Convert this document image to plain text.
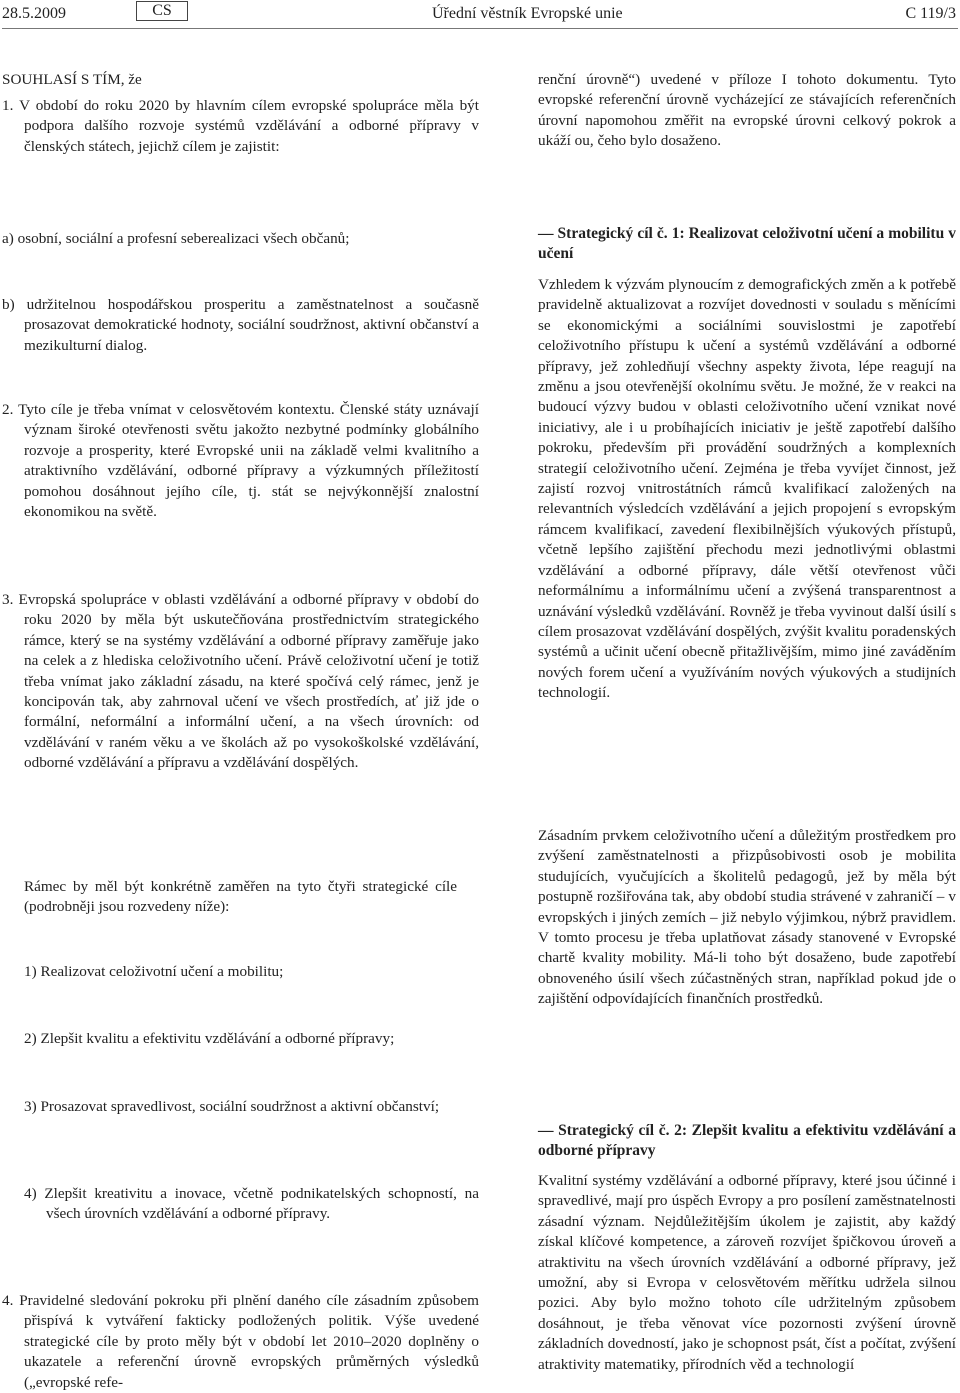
28.5.2009	CS	Úřední věstník Evropské unie	C 119/3

SOUHLASÍ S TÍM, že

1. V období do roku 2020 by hlavním cílem evropské spolupráce měla být podpora dalšího rozvoje systémů vzdělávání a odborné přípravy v členských státech, jejichž cílem je zajistit:

a) osobní, sociální a profesní seberealizaci všech občanů;

b) udržitelnou hospodářskou prosperitu a zaměstnatelnost a současně prosazovat demokratické hodnoty, sociální soudržnost, aktivní občanství a mezikulturní dialog.

2. Tyto cíle je třeba vnímat v celosvětovém kontextu. Členské státy uznávají význam široké otevřenosti světu jakožto nezbytné podmínky globálního rozvoje a prosperity, které Evropské unii na základě velmi kvalitního a atraktivního vzdělávání, odborné přípravy a výzkumných příležitostí pomohou dosáhnout jejího cíle, tj. stát se nejvýkonnější znalostní ekonomikou na světě.

3. Evropská spolupráce v oblasti vzdělávání a odborné přípravy v období do roku 2020 by měla být uskutečňována prostřednictvím strategického rámce, který se na systémy vzdělávání a odborné přípravy zaměřuje jako na celek a z hlediska celoživotního učení. Právě celoživotní učení je totiž třeba vnímat jako základní zásadu, na které spočívá celý rámec, jenž je koncipován tak, aby zahrnoval učení ve všech prostředích, ať již jde o formální, neformální a informální učení, a na všech úrovních: od vzdělávání v raném věku a ve školách až po vysokoškolské vzdělávání, odborné vzdělávání a přípravu a vzdělávání dospělých.

Rámec by měl být konkrétně zaměřen na tyto čtyři strategické cíle (podrobněji jsou rozvedeny níže):

1) Realizovat celoživotní učení a mobilitu;

2) Zlepšit kvalitu a efektivitu vzdělávání a odborné přípravy;

3) Prosazovat spravedlivost, sociální soudržnost a aktivní občanství;

4) Zlepšit kreativitu a inovace, včetně podnikatelských schopností, na všech úrovních vzdělávání a odborné přípravy.

4. Pravidelné sledování pokroku při plnění daného cíle zásadním způsobem přispívá k vytváření fakticky podložených politik. Výše uvedené strategické cíle by proto měly být v období let 2010–2020 doplněny o ukazatele a referenční úrovně evropských průměrných výsledků („evropské refe-

renční úrovně“) uvedené v příloze I tohoto dokumentu. Tyto evropské referenční úrovně vycházející ze stávajících referenčních úrovní napomohou změřit na evropské úrovni celkový pokrok a ukáží ou, čeho bylo dosaženo.

— Strategický cíl č. 1: Realizovat celoživotní učení a mobilitu v učení

Vzhledem k výzvám plynoucím z demografických změn a k potřebě pravidelně aktualizovat a rozvíjet dovednosti v souladu s měnícími se ekonomickými a sociálními souvislostmi je zapotřebí celoživotního přístupu k učení a systémů vzdělávání a odborné přípravy, jež zohledňují všechny aspekty života, lépe reagují na změnu a jsou otevřenější okolnímu světu. Je možné, že v reakci na budoucí výzvy budou v oblasti celoživotního učení vznikat nové iniciativy, ale i u probíhajících iniciativ je ještě zapotřebí dalšího pokroku, především při provádění soudržných a komplexních strategií celoživotního učení. Zejména je třeba vyvíjet činnost, jež zajistí rozvoj vnitrostátních rámců kvalifikací založených na relevantních výsledcích vzdělávání a jejich propojení s evropským rámcem kvalifikací, zavedení flexibilnějších výukových přístupů, včetně lepšího zajištění přechodu mezi jednotlivými oblastmi vzdělávání a odborné přípravy, dále větší otevřenost vůči neformálnímu a informálnímu učení a zvýšená transparentnost a uznávání výsledků vzdělávání. Rovněž je třeba vyvinout další úsilí s cílem prosazovat vzdělávání dospělých, zvýšit kvalitu poradenských systémů a učinit učení obecně přitažlivějším, mimo jiné zaváděním nových forem učení a využíváním nových výukových a studijních technologií.

Zásadním prvkem celoživotního učení a důležitým prostředkem pro zvýšení zaměstnatelnosti a přizpůsobivosti osob je mobilita studujících, vyučujících a školitelů pedagogů, jež by měla být postupně rozšiřována tak, aby období studia strávené v zahraničí – v evropských i jiných zemích – již nebylo výjimkou, nýbrž pravidlem. V tomto procesu je třeba uplatňovat zásady stanovené v Evropské chartě kvality mobility. Má-li toho být dosaženo, bude zapotřebí obnoveného úsilí všech zúčastněných stran, například pokud jde o zajištění odpovídajících finančních prostředků.

— Strategický cíl č. 2: Zlepšit kvalitu a efektivitu vzdělávání a odborné přípravy

Kvalitní systémy vzdělávání a odborné přípravy, které jsou účinné i spravedlivé, mají pro úspěch Evropy a pro posílení zaměstnatelnosti zásadní význam. Nejdůležitějším úkolem je zajistit, aby každý získal klíčové kompetence, a zároveň rozvíjet špičkovou úroveň a atraktivitu na všech úrovních vzdělávání a odborné přípravy, jež umožní, aby si Evropa v celosvětovém měřítku udržela silnou pozici. Aby bylo možno tohoto cíle udržitelným způsobem dosáhnout, je třeba věnovat více pozornosti zvýšení úrovně základních dovedností, jako je schopnost psát, číst a počítat, zvýšení atraktivity matematiky, přírodních věd a technologií
